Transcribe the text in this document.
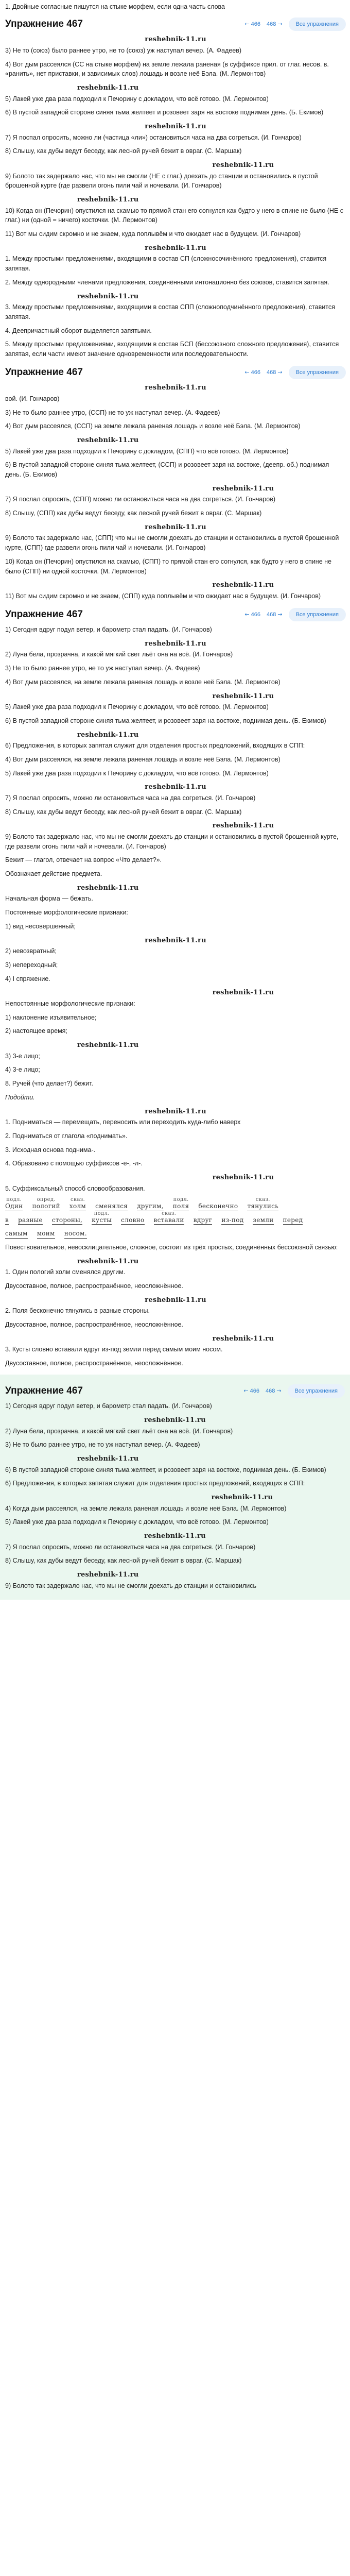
1. Двойные согласные пишутся на стыке морфем, если одна часть слова

Упражнение 467	← 466 468 →	Все упражнения
reshebnik-11.ru

3) Не то (союз) было раннее утро, не то (союз) уж наступал вечер. (А. Фадеев)

4) Вот дым рассеялся (СС на стыке морфем) на земле лежала раненая (в суффиксе прил. от глаг. несов. в. «ранить», нет приставки, и зависимых слов) лошадь и возле неё Бэла. (М. Лермонтов)

reshebnik-11.ru

5) Лакей уже два раза подходил к Печорину с докладом, что всё готово. (М. Лермонтов)

6) В пустой западной стороне синяя тьма желтеет и розовеет заря на востоке поднимая день. (Б. Екимов)

reshebnik-11.ru

7) Я поспал опросить, можно ли (частица «ли») остановиться часа на два согреться. (И. Гончаров)

8) Слышу, как дубы ведут беседу, как лесной ручей бежит в овраг. (С. Маршак)

reshebnik-11.ru

9) Болото так задержало нас, что мы не смогли (НЕ с глаг.) доехать до станции и остановились в пустой брошенной курте (где развели огонь пили чай и ночевали. (И. Гончаров)

reshebnik-11.ru

10) Когда он (Печорин) опустился на скамью то прямой стан его согнулся как будто у него в спине не было (НЕ с глаг.) ни (одной = ничего) косточки. (М. Лермонтов)

11) Вот мы сидим скромно и не знаем, куда поплывём и что ожидает нас в будущем. (И. Гончаров)

reshebnik-11.ru

1. Между простыми предложениями, входящими в состав СП (сложносочинённого предложения), ставится запятая.

2. Между однородными членами предложения, соединёнными интонационно без союзов, ставится запятая.

reshebnik-11.ru

3. Между простыми предложениями, входящими в состав СПП (сложноподчинённого предложения), ставится запятая.

4. Деепричастный оборот выделяется запятыми.

5. Между простыми предложениями, входящими в состав БСП (бессоюзного сложного предложения), ставится запятая, если части имеют значение одновременности или последовательности.

Упражнение 467	← 466 468 →	Все упражнения
reshebnik-11.ru

вой. (И. Гончаров)

3) Не то было раннее утро, (ССП) не то уж наступал вечер. (А. Фадеев)

4) Вот дым рассеялся, (ССП) на земле лежала раненая лошадь и возле неё Бэла. (М. Лермонтов)

reshebnik-11.ru

5) Лакей уже два раза подходил к Печорину с докладом, (СПП) что всё готово. (М. Лермонтов)

6) В пустой западной стороне синяя тьма желтеет, (ССП) и розовеет заря на востоке, (деепр. об.) поднимая день. (Б. Екимов)

reshebnik-11.ru

7) Я послал опросить, (СПП) можно ли остановиться часа на два согреться. (И. Гончаров)

8) Слышу, (СПП) как дубы ведут беседу, как лесной ручей бежит в овраг. (С. Маршак)

reshebnik-11.ru

9) Болото так задержало нас, (СПП) что мы не смогли доехать до станции и остановились в пустой брошенной курте, (СПП) где развели огонь пили чай и ночевали. (И. Гончаров)

10) Когда он (Печорин) опустился на скамью, (СПП) то прямой стан его согнулся, как будто у него в спине не было (СПП) ни одной косточки. (М. Лермонтов)

reshebnik-11.ru

11) Вот мы сидим скромно и не знаем, (СПП) куда поплывём и что ожидает нас в будущем. (И. Гончаров)

Упражнение 467	← 466 468 →	Все упражнения

1) Сегодня вдруг подул ветер, и барометр стал падать. (И. Гончаров)

reshebnik-11.ru

2) Луна бела, прозрачна, и какой мягкий свет льёт она на всё. (И. Гончаров)

3) Не то было раннее утро, не то уж наступал вечер. (А. Фадеев)

4) Вот дым рассеялся, на земле лежала раненая лошадь и возле неё Бэла. (М. Лермонтов)

reshebnik-11.ru

5) Лакей уже два раза подходил к Печорину с докладом, что всё готово. (М. Лермонтов)

6) В пустой западной стороне синяя тьма желтеет, и розовеет заря на востоке, поднимая день. (Б. Екимов)

reshebnik-11.ru

6) Предложения, в которых запятая служит для отделения простых предложений, входящих в СПП:

4) Вот дым рассеялся, на земле лежала раненая лошадь и возле неё Бэла. (М. Лермонтов)

5) Лакей уже два раза подходил к Печорину с докладом, что всё готово. (М. Лермонтов)

reshebnik-11.ru

7) Я послал опросить, можно ли остановиться часа на два согреться. (И. Гончаров)

8) Слышу, как дубы ведут беседу, как лесной ручей бежит в овраг. (С. Маршак)

reshebnik-11.ru

9) Болото так задержало нас, что мы не смогли доехать до станции и остановились в пустой брошенной курте, где развели огонь пили чай и ночевали. (И. Гончаров)

Бежит — глагол, отвечает на вопрос «Что делает?».

Обозначает действие предмета.

reshebnik-11.ru

Начальная форма — бежать.

Постоянные морфологические признаки:

1) вид несовершенный;

reshebnik-11.ru

2) невозвратный;

3) непереходный;

4) I спряжение.

reshebnik-11.ru

Непостоянные морфологические признаки:

1) наклонение изъявительное;

2) настоящее время;

reshebnik-11.ru

3) 3-е лицо;

4) 3-е лицо;

8. Ручей (что делает?) бежит.

Подойти.

reshebnik-11.ru

1. Подниматься — перемещать, переносить или переходить куда-либо наверх

2. Подниматься от глагола «поднимать».

3. Исходная основа поднима-.

4. Образовано с помощью суффиксов -е-, -л-.

reshebnik-11.ru

5. Суффиксальный способ словообразования.

подл.
Один
опред.
пологий
сказ.
холм
сменялся
другим,
подл.
поля
бесконечно
сказ.
тянулись

в
разные
стороны,
подл.
кусты
словно
сказ.
вставали
вдруг
из-под
земли
перед

самым
моим
носом.

Повествовательное, невосклицательное, сложное, состоит из трёх простых, соединённых бессоюзной связью:

reshebnik-11.ru

1. Один пологий холм сменялся другим.

Двусоставное, полное, распространённое, неосложнённое.

reshebnik-11.ru

2. Поля бесконечно тянулись в разные стороны.

Двусоставное, полное, распространённое, неосложнённое.

reshebnik-11.ru

3. Кусты словно вставали вдруг из-под земли перед самым моим носом.

Двусоставное, полное, распространённое, неосложнённое.

Упражнение 467	← 466 468 →	Все упражнения

1) Сегодня вдруг подул ветер, и барометр стал падать. (И. Гончаров)

reshebnik-11.ru

2) Луна бела, прозрачна, и какой мягкий свет льёт она на всё. (И. Гончаров)

3) Не то было раннее утро, не то уж наступал вечер. (А. Фадеев)

reshebnik-11.ru

6) В пустой западной стороне синяя тьма желтеет, и розовеет заря на востоке, поднимая день. (Б. Екимов)

6) Предложения, в которых запятая служит для отделения простых предложений, входящих в СПП:

reshebnik-11.ru

4) Когда дым рассеялся, на земле лежала раненая лошадь и возле неё Бэла. (М. Лермонтов)

5) Лакей уже два раза подходил к Печорину с докладом, что всё готово. (М. Лермонтов)

reshebnik-11.ru

7) Я послал опросить, можно ли остановиться часа на два согреться. (И. Гончаров)

8) Слышу, как дубы ведут беседу, как лесной ручей бежит в овраг. (С. Маршак)

reshebnik-11.ru

9) Болото так задержало нас, что мы не смогли доехать до станции и остановились
